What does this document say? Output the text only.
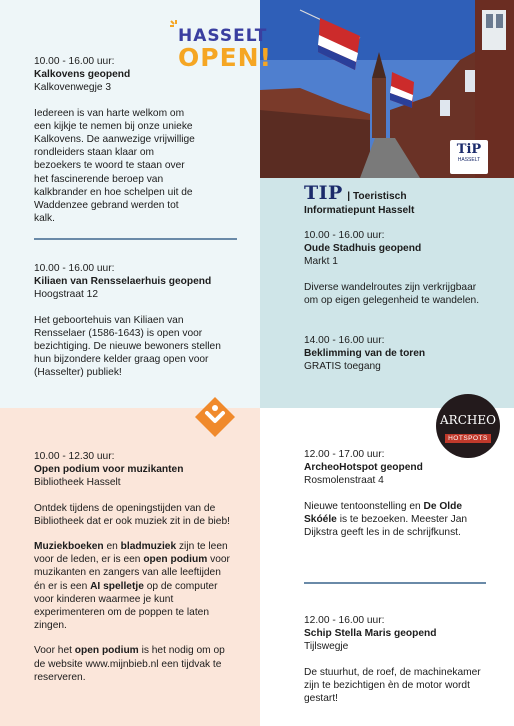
TiP
HASSELT
HASSELT
OPEN!
10.00 - 16.00 uur:
Kalkovens geopend
Kalkovenwegje 3

Iedereen is van harte welkom om een kijkje te nemen bij onze unieke Kalkovens. De aanwezige vrijwillige rondleiders staan klaar om bezoekers te woord te staan over het fascinerende beroep van kalkbrander en hoe schelpen uit de Waddenzee gebrand werden tot kalk.

10.00 - 16.00 uur:
Kiliaen van Rensselaerhuis geopend
Hoogstraat 12

Het geboortehuis van Kiliaen van Rensselaer (1586-1643) is open voor bezichtiging. De nieuwe bewoners stellen hun bijzondere kelder graag open voor (Hasselter) publiek!

TIP | Toeristisch
Informatiepunt Hasselt
10.00 - 16.00 uur:
Oude Stadhuis geopend
Markt 1

Diverse wandelroutes zijn verkrijgbaar om op eigen gelegenheid te wandelen.

14.00 - 16.00 uur:
Beklimming van de toren
GRATIS toegang
10.00 - 12.30 uur:
Open podium voor muzikanten
Bibliotheek Hasselt

Ontdek tijdens de openingstijden van de Bibliotheek dat er ook muziek zit in de bieb!

Muziekboeken en bladmuziek zijn te leen voor de leden, er is een open podium voor muzikanten en zangers van alle leeftijden én er is een AI spelletje op de computer voor kinderen waarmee je kunt experimenteren om de poppen te laten zingen.

Voor het open podium is het nodig om op de website www.mijnbieb.nl een tijdvak te reserveren.

ARCHEO
HOTSPOTS
12.00 - 17.00 uur:
ArcheoHotspot geopend
Rosmolenstraat 4

Nieuwe tentoonstelling en De Olde Skóéle is te bezoeken. Meester Jan Dijkstra geeft les in de schrijfkunst.

12.00 - 16.00 uur:
Schip Stella Maris geopend
Tijlswegje

De stuurhut, de roef, de machinekamer zijn te bezichtigen èn de motor wordt gestart!
